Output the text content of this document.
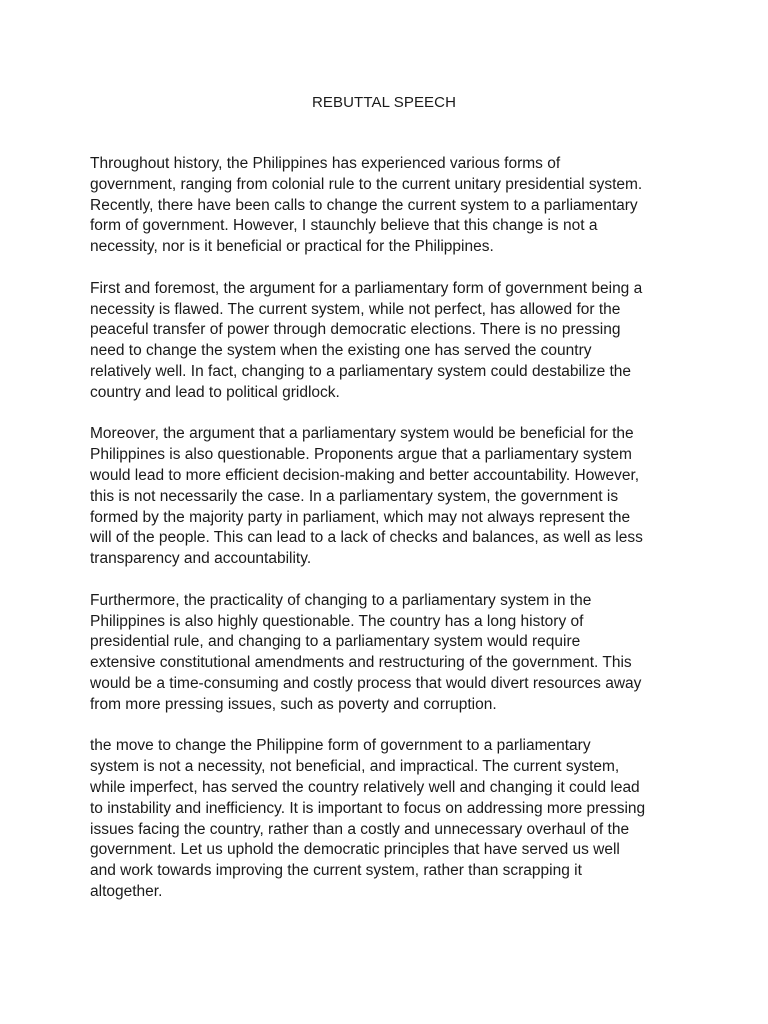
REBUTTAL SPEECH

Throughout history, the Philippines has experienced various forms of
government, ranging from colonial rule to the current unitary presidential system.
Recently, there have been calls to change the current system to a parliamentary
form of government. However, I staunchly believe that this change is not a
necessity, nor is it beneficial or practical for the Philippines.

First and foremost, the argument for a parliamentary form of government being a
necessity is flawed. The current system, while not perfect, has allowed for the
peaceful transfer of power through democratic elections. There is no pressing
need to change the system when the existing one has served the country
relatively well. In fact, changing to a parliamentary system could destabilize the
country and lead to political gridlock.

Moreover, the argument that a parliamentary system would be beneficial for the
Philippines is also questionable. Proponents argue that a parliamentary system
would lead to more efficient decision-making and better accountability. However,
this is not necessarily the case. In a parliamentary system, the government is
formed by the majority party in parliament, which may not always represent the
will of the people. This can lead to a lack of checks and balances, as well as less
transparency and accountability.

Furthermore, the practicality of changing to a parliamentary system in the
Philippines is also highly questionable. The country has a long history of
presidential rule, and changing to a parliamentary system would require
extensive constitutional amendments and restructuring of the government. This
would be a time-consuming and costly process that would divert resources away
from more pressing issues, such as poverty and corruption.

the move to change the Philippine form of government to a parliamentary
system is not a necessity, not beneficial, and impractical. The current system,
while imperfect, has served the country relatively well and changing it could lead
to instability and inefficiency. It is important to focus on addressing more pressing
issues facing the country, rather than a costly and unnecessary overhaul of the
government. Let us uphold the democratic principles that have served us well
and work towards improving the current system, rather than scrapping it
altogether.
